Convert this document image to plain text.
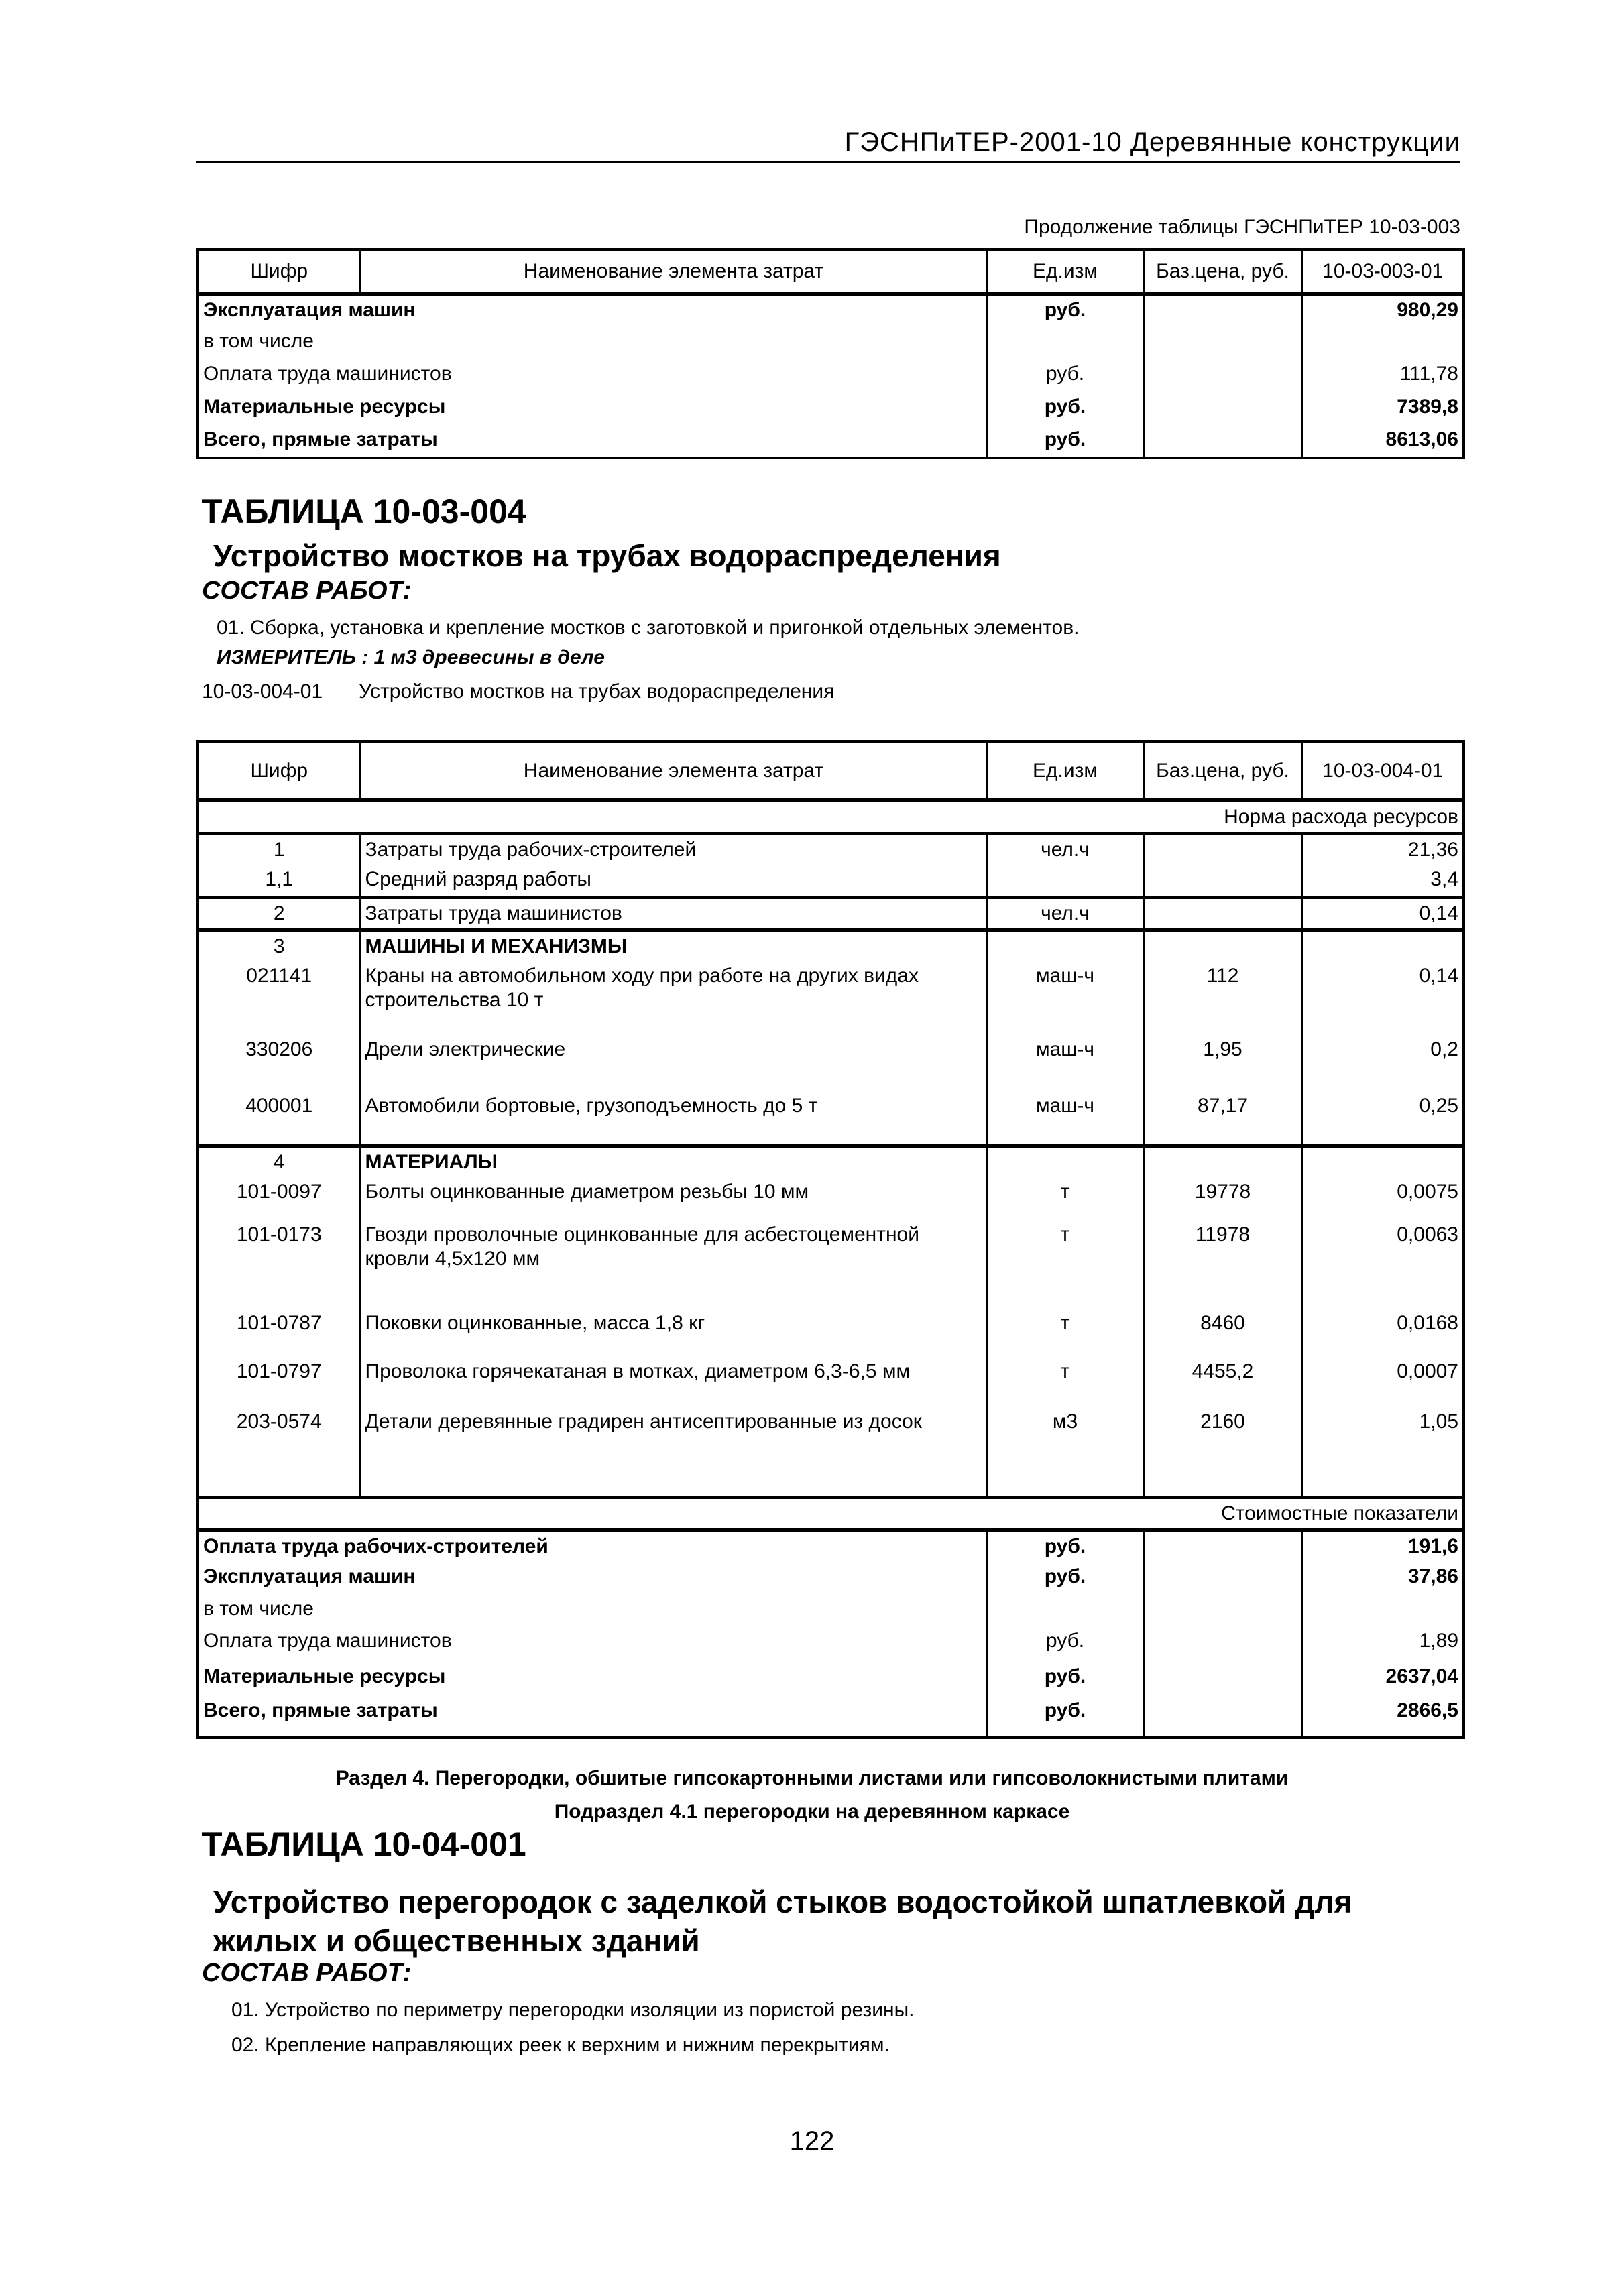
ГЭСНПиТЕР-2001-10 Деревянные конструкции
Продолжение таблицы ГЭСНПиТЕР 10-03-003
Шифр	Наименование элемента затрат	Ед.изм	Баз.цена, руб.	10-03-003-01
Эксплуатация машин		руб.		980,29
в том числе				
Оплата труда машинистов		руб.		111,78
Материальные ресурсы		руб.		7389,8
Всего, прямые затраты		руб.		8613,06
ТАБЛИЦА 10-03-004
Устройство мостков на трубах водораспределения
СОСТАВ РАБОТ:
01. Сборка, установка и крепление мостков с заготовкой и пригонкой отдельных элементов.
ИЗМЕРИТЕЛЬ : 1 м3 древесины в деле
10-03-004-01 Устройство мостков на трубах водораспределения
Шифр	Наименование элемента затрат	Ед.изм	Баз.цена, руб.	10-03-004-01
Норма расхода ресурсов				
1	Затраты труда рабочих-строителей	чел.ч		21,36
1,1	Средний разряд работы			3,4
2	Затраты труда машинистов	чел.ч		0,14
3	МАШИНЫ И МЕХАНИЗМЫ			
021141	Краны на автомобильном ходу при работе на других видах строительства 10 т	маш-ч	112	0,14
330206	Дрели электрические	маш-ч	1,95	0,2
400001	Автомобили бортовые, грузоподъемность до 5 т	маш-ч	87,17	0,25
4	МАТЕРИАЛЫ			
101-0097	Болты оцинкованные диаметром резьбы 10 мм	т	19778	0,0075
101-0173	Гвозди проволочные оцинкованные для асбестоцементной кровли 4,5х120 мм	т	11978	0,0063
101-0787	Поковки оцинкованные, масса 1,8 кг	т	8460	0,0168
101-0797	Проволока горячекатаная в мотках, диаметром 6,3-6,5 мм	т	4455,2	0,0007
203-0574	Детали деревянные градирен антисептированные из досок	м3	2160	1,05
Стоимостные показатели				
Оплата труда рабочих-строителей		руб.		191,6
Эксплуатация машин		руб.		37,86
в том числе				
Оплата труда машинистов		руб.		1,89
Материальные ресурсы		руб.		2637,04
Всего, прямые затраты		руб.		2866,5
Раздел 4. Перегородки, обшитые гипсокартонными листами или гипсоволокнистыми плитами
Подраздел 4.1 перегородки на деревянном каркасе
ТАБЛИЦА 10-04-001
Устройство перегородок с заделкой стыков водостойкой шпатлевкой для жилых и общественных зданий
СОСТАВ РАБОТ:
01. Устройство по периметру перегородки изоляции из пористой резины.
02. Крепление направляющих реек к верхним и нижним перекрытиям.
122
